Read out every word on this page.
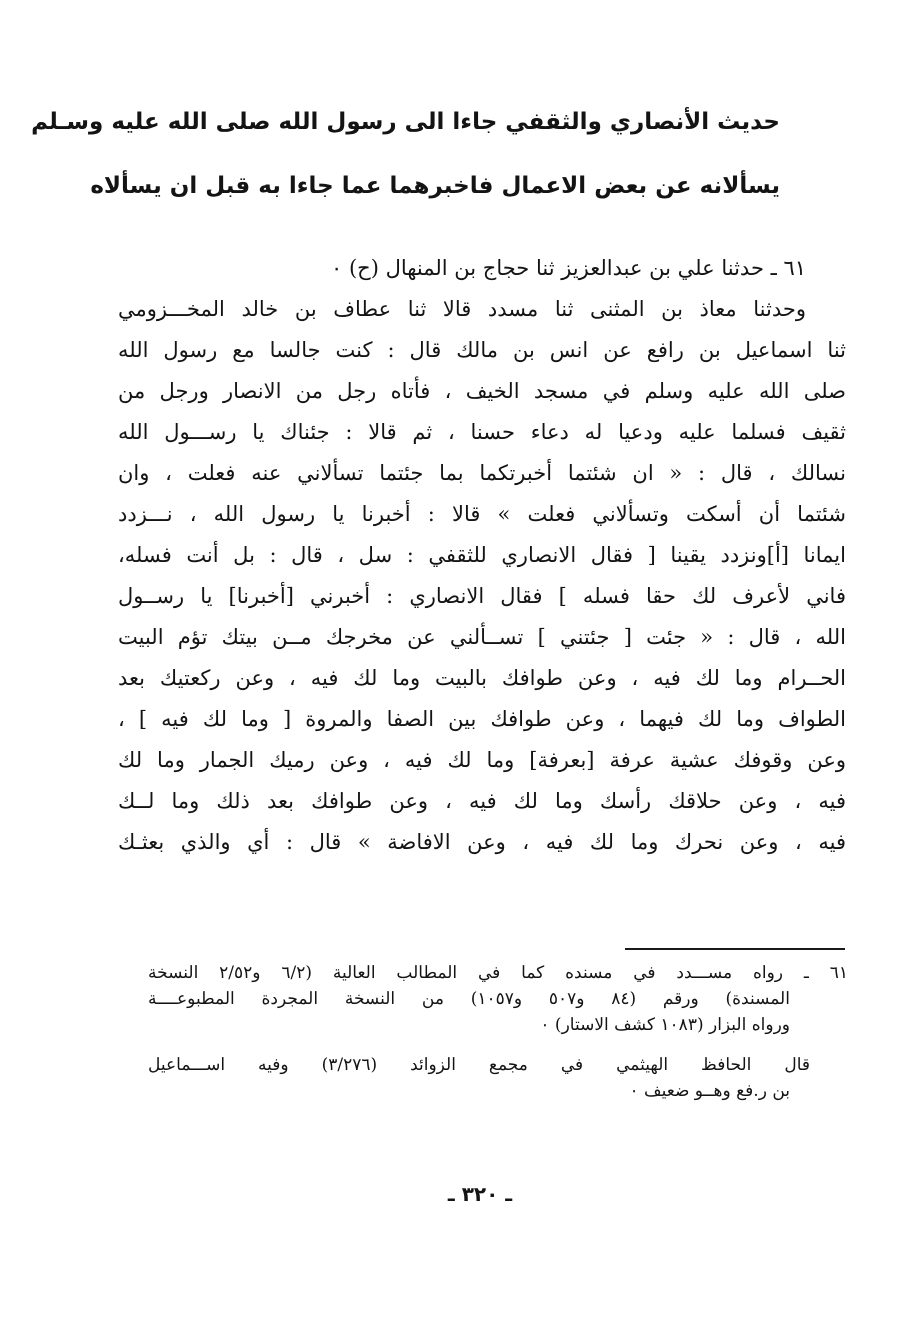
حديث الأنصاري والثقفي جاءا الى رسول الله صلى الله عليه وسـلم
يسألانه عن بعض الاعمال فاخبرهما عما جاءا به قبل ان يسألاه
٦١ ـ حدثنا علي بن عبدالعزيز ثنا حجاج بن المنهال (ح) ٠
وحدثنا معاذ بن المثنى ثنا مسدد قالا ثنا عطاف بن خالد المخـــزومي
ثنا اسماعيل بن رافع عن انس بن مالك قال : كنت جالسا مع رسول الله
صلى الله عليه وسلم في مسجد الخيف ، فأتاه رجل من الانصار ورجل من
ثقيف فسلما عليه ودعيا له دعاء حسنا ، ثم قالا : جئناك يا رســـول الله
نسالك ، قال : « ان شئتما أخبرتكما بما جئتما تسألاني عنه فعلت ، وان
شئتما أن أسكت وتسألاني فعلت » قالا : أخبرنا يا رسول الله ، نـــزدد
ايمانا [أ]ونزدد يقينا [ فقال الانصاري للثقفي : سل ، قال : بل أنت فسله،
فاني لأعرف لك حقا فسله ] فقال الانصاري : أخبرني [أخبرنا] يا رســول
الله ، قال : « جئت [ جئتني ] تســألني عن مخرجك مــن بيتك تؤم البيت
الحــرام وما لك فيه ، وعن طوافك بالبيت وما لك فيه ، وعن ركعتيك بعد
الطواف وما لك فيهما ، وعن طوافك بين الصفا والمروة [ وما لك فيه ] ،
وعن وقوفك عشية عرفة [بعرفة] وما لك فيه ، وعن رميك الجمار وما لك
فيه ، وعن حلاقك رأسك وما لك فيه ، وعن طوافك بعد ذلك وما لــك
فيه ، وعن نحرك وما لك فيه ، وعن الافاضة » قال : أي والذي بعثـك
٦١ ـ رواه مســـدد في مسنده كما في المطالب العالية (٦/٢ و٢/٥٢ النسخة
المسندة) ورقم (٨٤ و٥٠٧ و١٠٥٧) من النسخة المجردة المطبوعــــة
ورواه البزار (١٠٨٣ كشف الاستار) ٠
قال الحافظ الهيثمي في مجمع الزوائد (٣/٢٧٦) وفيه اســـماعيل
بن ر.فع وهــو ضعيف ٠
ـ ٣٢٠ ـ
